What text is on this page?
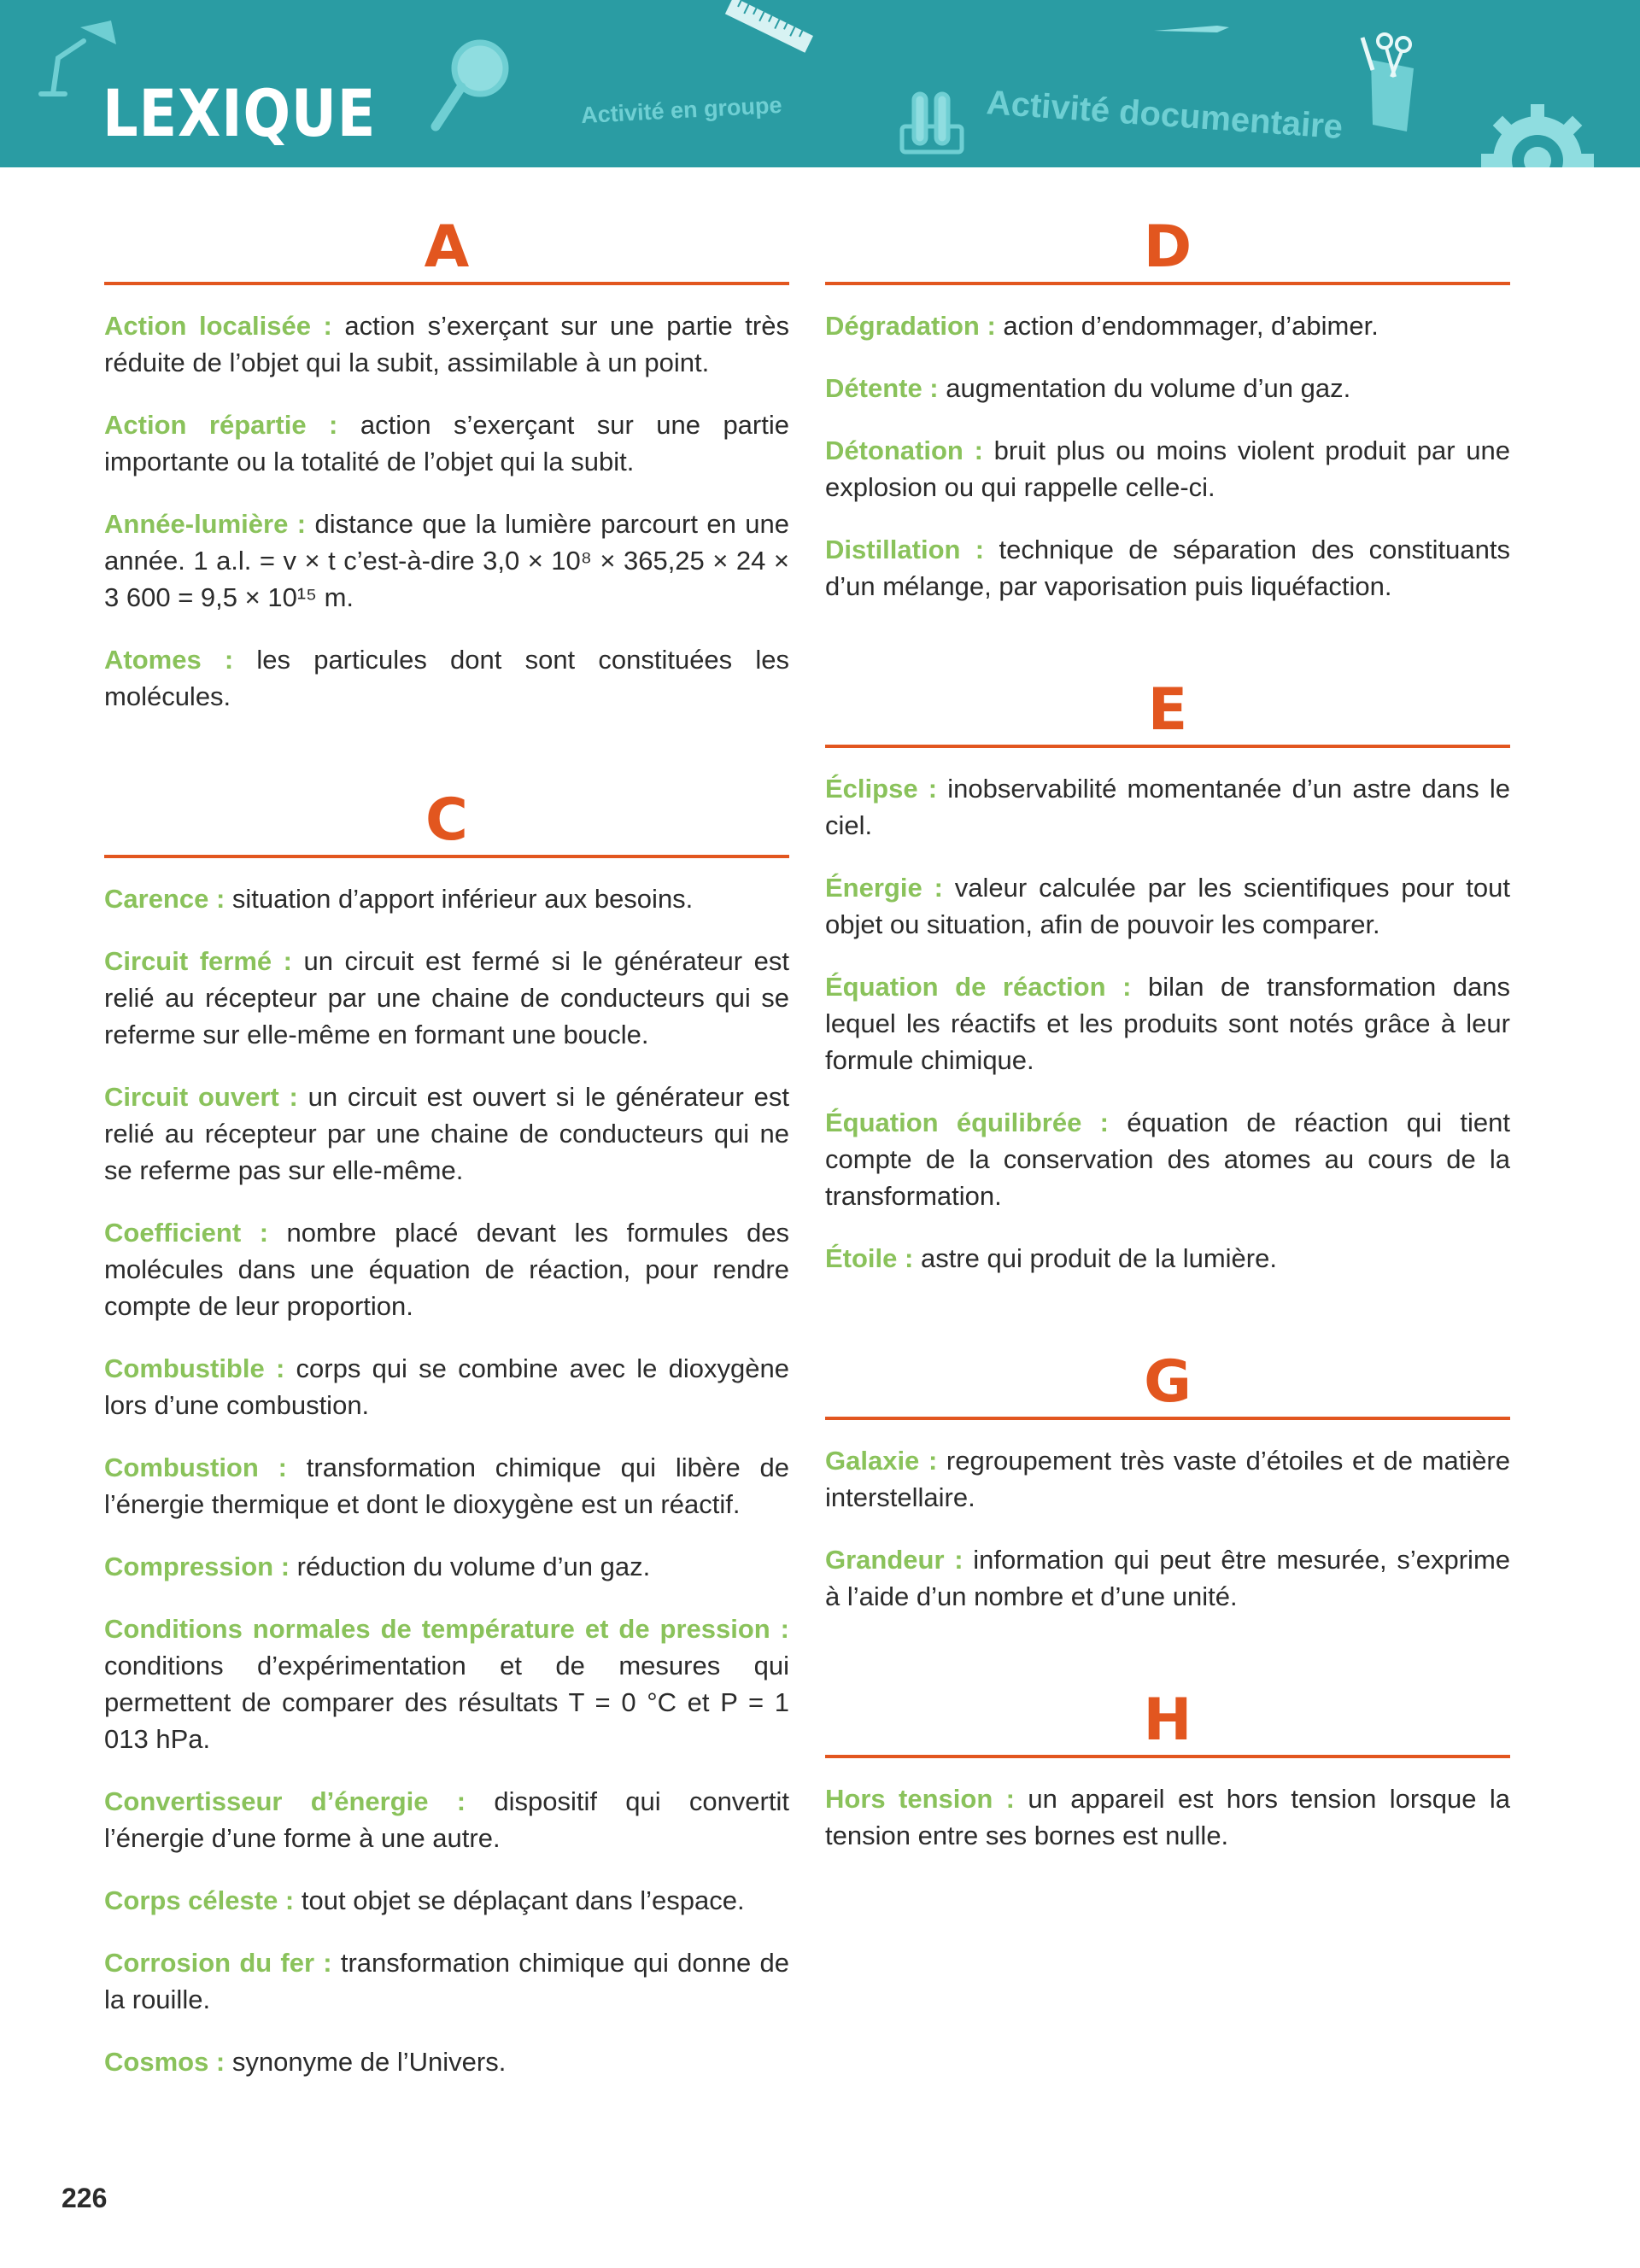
LEXIQUE	Activité en groupe	Activité documentaire
A

Action localisée : action s’exerçant sur une partie très réduite de l’objet qui la subit, assimilable à un point.

Action répartie : action s’exerçant sur une partie importante ou la totalité de l’objet qui la subit.

Année-lumière : distance que la lumière parcourt en une année. 1 a.l. = v × t c’est-à-dire 3,0 × 10⁸ × 365,25 × 24 × 3 600 = 9,5 × 10¹⁵ m.

Atomes : les particules dont sont constituées les molécules.

C

Carence : situation d’apport inférieur aux besoins.

Circuit fermé : un circuit est fermé si le générateur est relié au récepteur par une chaine de conducteurs qui se referme sur elle-même en formant une boucle.

Circuit ouvert : un circuit est ouvert si le générateur est relié au récepteur par une chaine de conducteurs qui ne se referme pas sur elle-même.

Coefficient : nombre placé devant les formules des molécules dans une équation de réaction, pour rendre compte de leur proportion.

Combustible : corps qui se combine avec le dioxygène lors d’une combustion.

Combustion : transformation chimique qui libère de l’énergie thermique et dont le dioxygène est un réactif.

Compression : réduction du volume d’un gaz.

Conditions normales de température et de pression : conditions d’expérimentation et de mesures qui permettent de comparer des résultats T = 0 °C et P = 1 013 hPa.

Convertisseur d’énergie : dispositif qui convertit l’énergie d’une forme à une autre.

Corps céleste : tout objet se déplaçant dans l’espace.

Corrosion du fer : transformation chimique qui donne de la rouille.

Cosmos : synonyme de l’Univers.

D

Dégradation : action d’endommager, d’abimer.

Détente : augmentation du volume d’un gaz.

Détonation : bruit plus ou moins violent produit par une explosion ou qui rappelle celle-ci.

Distillation : technique de séparation des constituants d’un mélange, par vaporisation puis liquéfaction.

E

Éclipse : inobservabilité momentanée d’un astre dans le ciel.

Énergie : valeur calculée par les scientifiques pour tout objet ou situation, afin de pouvoir les comparer.

Équation de réaction : bilan de transformation dans lequel les réactifs et les produits sont notés grâce à leur formule chimique.

Équation équilibrée : équation de réaction qui tient compte de la conservation des atomes au cours de la transformation.

Étoile : astre qui produit de la lumière.

G

Galaxie : regroupement très vaste d’étoiles et de matière interstellaire.

Grandeur : information qui peut être mesurée, s’exprime à l’aide d’un nombre et d’une unité.

H

Hors tension : un appareil est hors tension lorsque la tension entre ses bornes est nulle.

226
